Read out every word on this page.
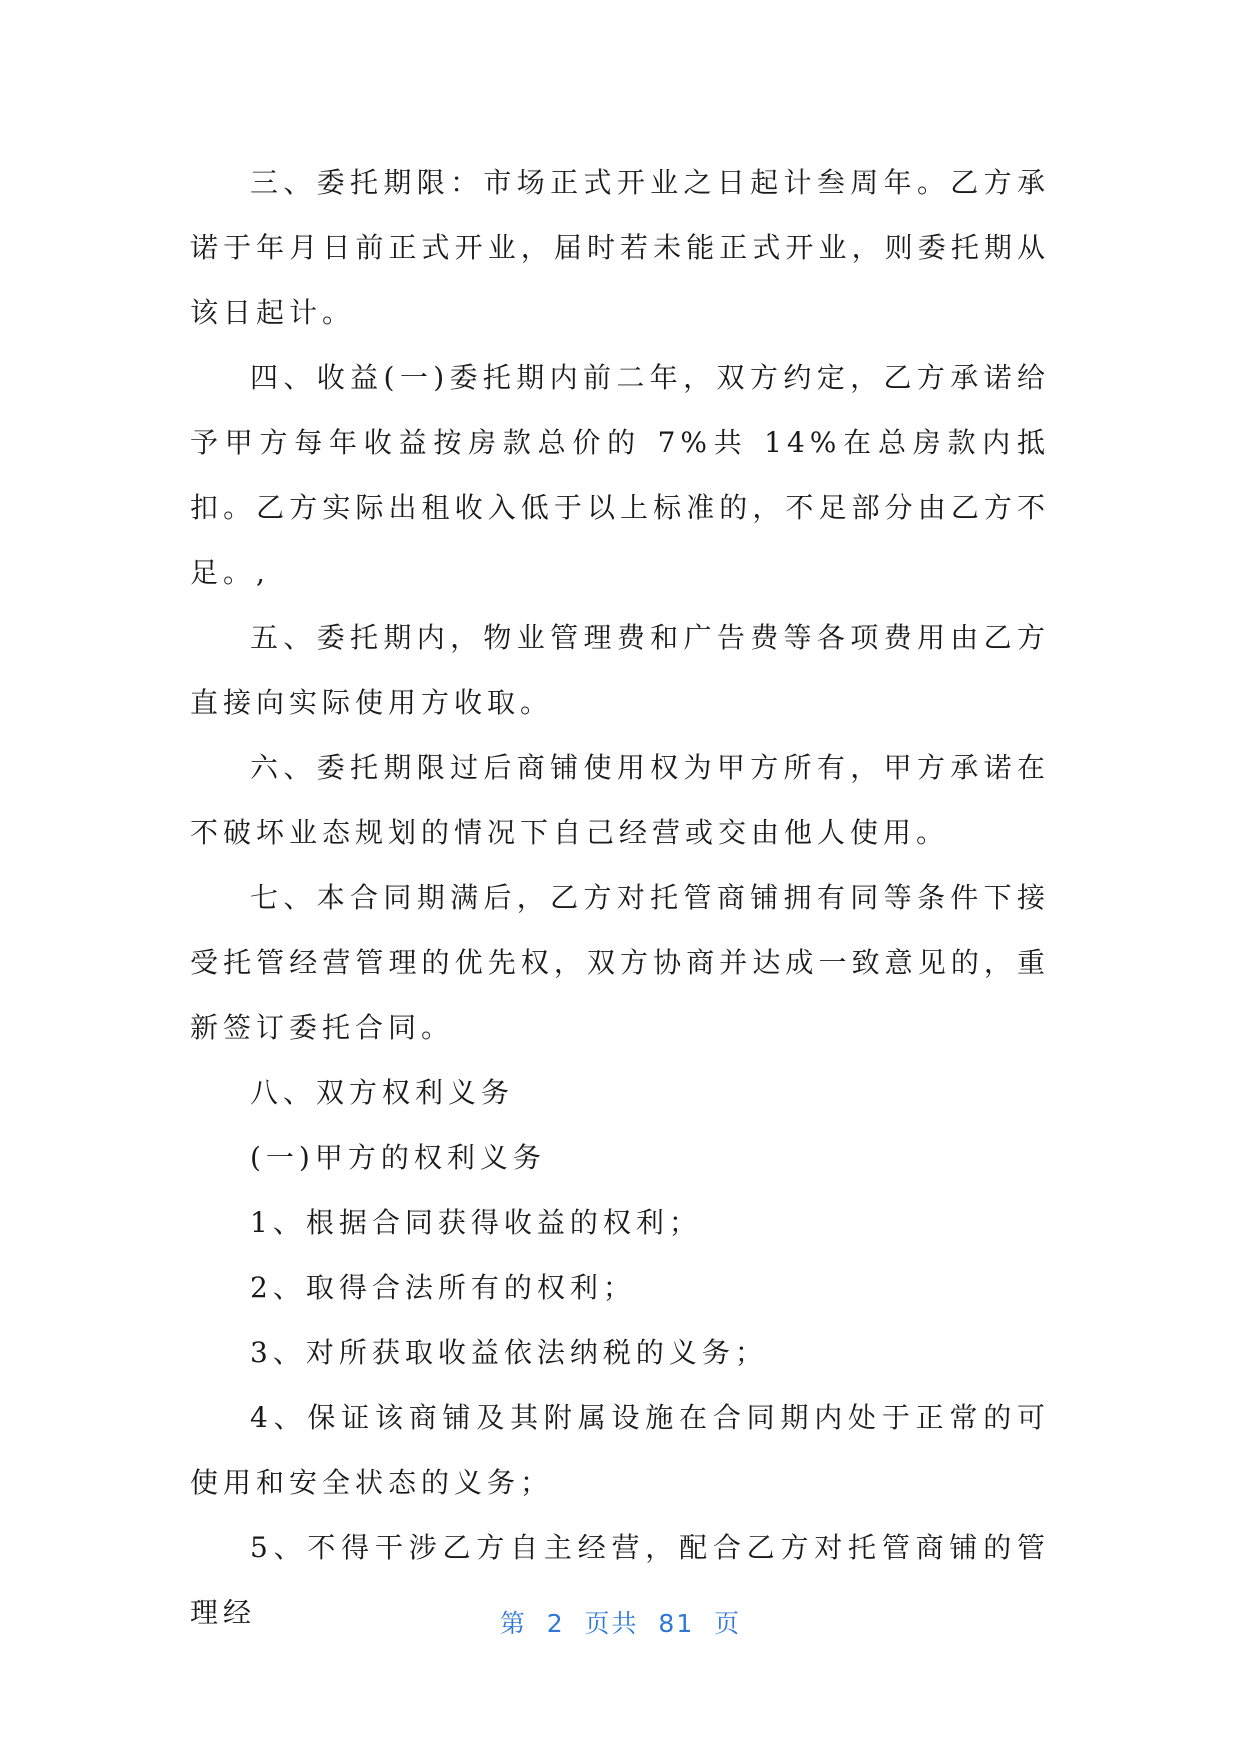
三、委托期限：市场正式开业之日起计叁周年。乙方承诺于年月日前正式开业，届时若未能正式开业，则委托期从该日起计。

四、收益(一)委托期内前二年，双方约定，乙方承诺给予甲方每年收益按房款总价的 7%共 14%在总房款内抵扣。乙方实际出租收入低于以上标准的，不足部分由乙方不足。,

五、委托期内，物业管理费和广告费等各项费用由乙方直接向实际使用方收取。

六、委托期限过后商铺使用权为甲方所有，甲方承诺在不破坏业态规划的情况下自己经营或交由他人使用。

七、本合同期满后，乙方对托管商铺拥有同等条件下接受托管经营管理的优先权，双方协商并达成一致意见的，重新签订委托合同。

八、双方权利义务

(一)甲方的权利义务

1、根据合同获得收益的权利；

2、取得合法所有的权利；

3、对所获取收益依法纳税的义务；

4、保证该商铺及其附属设施在合同期内处于正常的可使用和安全状态的义务；

5、不得干涉乙方自主经营，配合乙方对托管商铺的管理经	第  2  页共  81  页
